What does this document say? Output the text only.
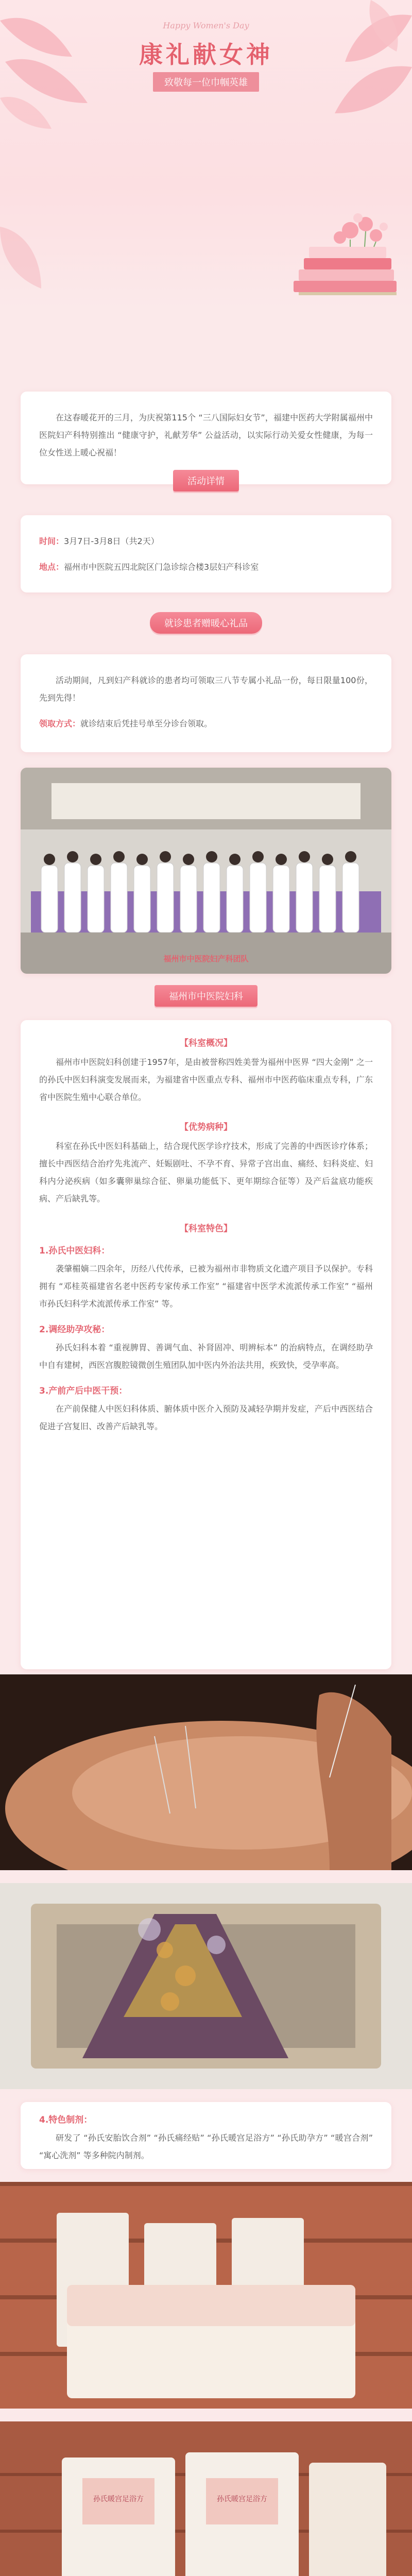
Happy Women's Day
康礼献女神
致敬每一位巾帼英雄

在这春暖花开的三月，为庆祝第115个 “三八国际妇女节”，福建中医药大学附属福州中医院妇产科特别推出 “健康守护，礼献芳华” 公益活动，以实际行动关爱女性健康，为每一位女性送上暖心祝福！

活动详情
时间：3月7日-3月8日（共2天）
地点：福州市中医院五四北院区门急诊综合楼3层妇产科诊室
就诊患者赠暖心礼品

活动期间，凡到妇产科就诊的患者均可领取三八节专属小礼品一份，每日限量100份，先到先得！

领取方式：就诊结束后凭挂号单至分诊台领取。
福州市中医院妇产科团队
福州市中医院妇科

【科室概况】

福州市中医院妇科创建于1957年，是由被誉称四姓美誉为福州中医界 “四大金刚” 之一的孙氏中医妇科演变发展而来，为福建省中医重点专科、福州市中医药临床重点专科，广东省中医院生殖中心联合单位。

【优势病种】

科室在孙氏中医妇科基础上，结合现代医学诊疗技术，形成了完善的中西医诊疗体系；擅长中西医结合治疗先兆流产、妊娠剧吐、不孕不育、异常子宫出血、痛经、妇科炎症、妇科内分泌疾病（如多囊卵巢综合征、卵巢功能低下、更年期综合征等）及产后盆底功能疾病、产后缺乳等。

【科室特色】

1.孙氏中医妇科：

袭肇楣嫡二四余年，历经八代传承，已被为福州市非物质文化遗产项目予以保护。专科拥有 “邓桂英福建省名老中医药专家传承工作室” “福建省中医学术流派传承工作室” “福州市孙氏妇科学术流派传承工作室” 等。

2.调经助孕攻秘：

孙氏妇科本着 “重视脾胃、善调气血、补肾固冲、明辨标本” 的治病特点，在调经助孕中自有建树，西医宫腹腔镜微创生殖团队加中医内外治法共用，疾致快，受孕率高。

3.产前产后中医干预：

在产前保健人中医妇科体质、腑体质中医介入预防及减轻孕期并发症，产后中西医结合促进子宫复旧、改善产后缺乳等。

4.特色制剂：

研发了 “孙氏安胎饮合剂” “孙氏痛经贴” “孙氏暖宫足浴方” “孙氏助孕方” “暖宫合剂” “寓心洗剂” 等多种院内制剂。

孙氏暖宫足浴方	孙氏暖宫足浴方
